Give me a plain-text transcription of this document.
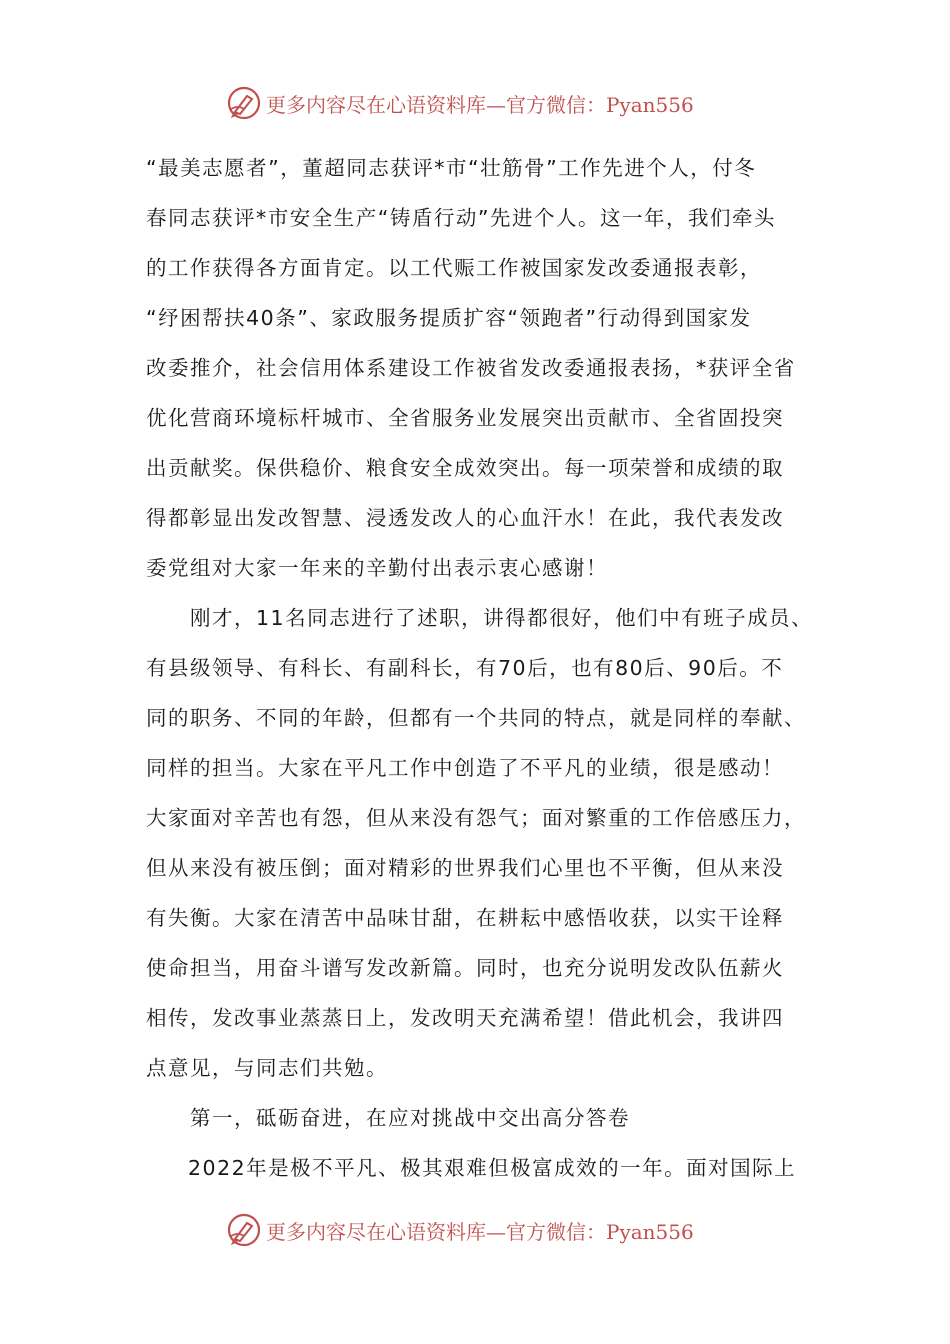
更多内容尽在心语资料库—官方微信：Pyan556
“最美志愿者”，董超同志获评*市“壮筋骨”工作先进个人，付冬
春同志获评*市安全生产“铸盾行动”先进个人。这一年，我们牵头
的工作获得各方面肯定。以工代赈工作被国家发改委通报表彰，
“纾困帮扶40条”、家政服务提质扩容“领跑者”行动得到国家发
改委推介，社会信用体系建设工作被省发改委通报表扬，*获评全省
优化营商环境标杆城市、全省服务业发展突出贡献市、全省固投突
出贡献奖。保供稳价、粮食安全成效突出。每一项荣誉和成绩的取
得都彰显出发改智慧、浸透发改人的心血汗水！在此，我代表发改
委党组对大家一年来的辛勤付出表示衷心感谢！
刚才，11名同志进行了述职，讲得都很好，他们中有班子成员、
有县级领导、有科长、有副科长，有70后，也有80后、90后。不
同的职务、不同的年龄，但都有一个共同的特点，就是同样的奉献、
同样的担当。大家在平凡工作中创造了不平凡的业绩，很是感动！
大家面对辛苦也有怨，但从来没有怨气；面对繁重的工作倍感压力，
但从来没有被压倒；面对精彩的世界我们心里也不平衡，但从来没
有失衡。大家在清苦中品味甘甜，在耕耘中感悟收获，以实干诠释
使命担当，用奋斗谱写发改新篇。同时，也充分说明发改队伍薪火
相传，发改事业蒸蒸日上，发改明天充满希望！借此机会，我讲四
点意见，与同志们共勉。
第一，砥砺奋进，在应对挑战中交出高分答卷
2022年是极不平凡、极其艰难但极富成效的一年。面对国际上
更多内容尽在心语资料库—官方微信：Pyan556
